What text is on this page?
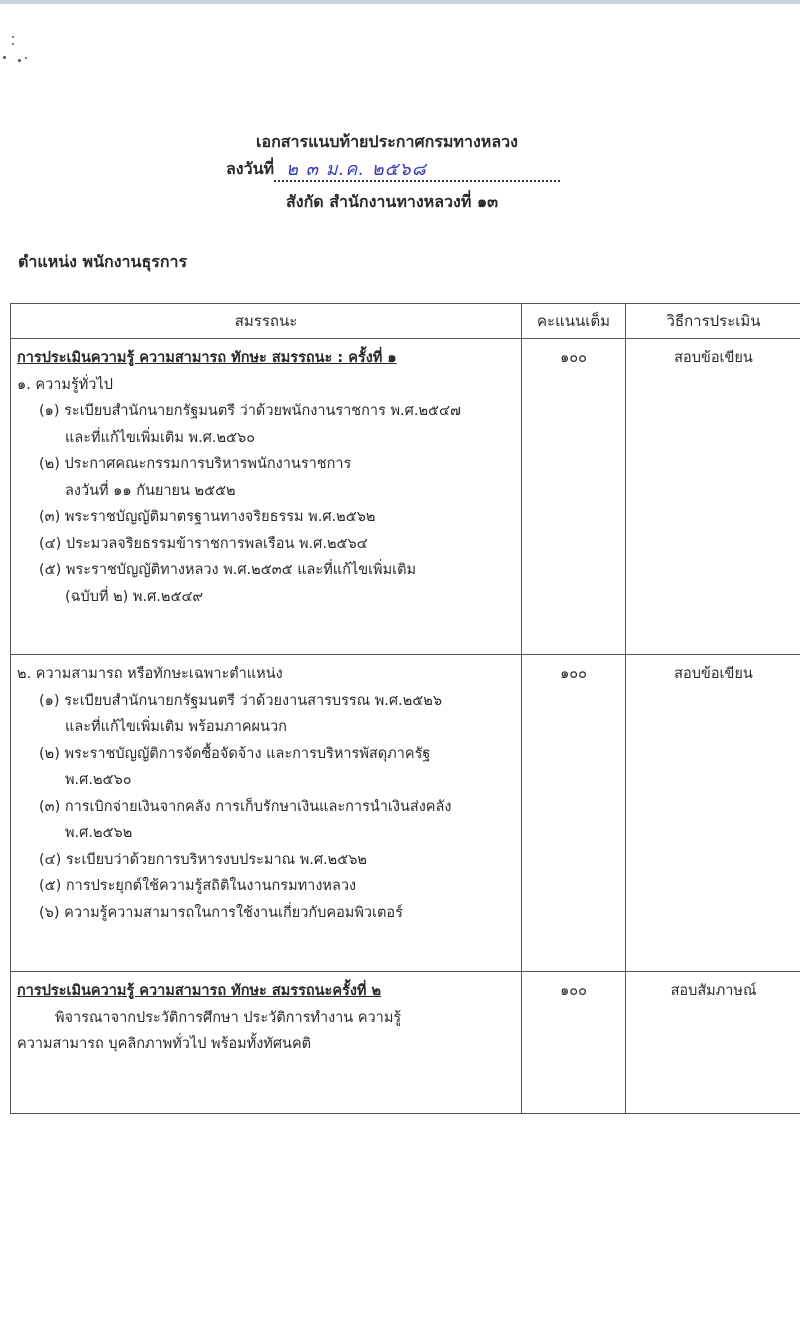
เอกสารแนบท้ายประกาศกรมทางหลวง
ลงวันที่ ๒ ๓ ม.ค. ๒๕๖๘
สังกัด สำนักงานทางหลวงที่ ๑๓
ตำแหน่ง พนักงานธุรการ
สมรรถนะ	คะแนนเต็ม	วิธีการประเมิน

การประเมินความรู้ ความสามารถ ทักษะ สมรรถนะ : ครั้งที่ ๑
๑. ความรู้ทั่วไป
(๑) ระเบียบสำนักนายกรัฐมนตรี ว่าด้วยพนักงานราชการ พ.ศ.๒๕๔๗
และที่แก้ไขเพิ่มเติม พ.ศ.๒๕๖๐
(๒) ประกาศคณะกรรมการบริหารพนักงานราชการ
ลงวันที่ ๑๑ กันยายน ๒๕๕๒
(๓) พระราชบัญญัติมาตรฐานทางจริยธรรม พ.ศ.๒๕๖๒
(๔) ประมวลจริยธรรมข้าราชการพลเรือน พ.ศ.๒๕๖๔
(๕) พระราชบัญญัติทางหลวง พ.ศ.๒๕๓๕ และที่แก้ไขเพิ่มเติม
(ฉบับที่ ๒) พ.ศ.๒๕๔๙
	๑๐๐	สอบข้อเขียน

๒. ความสามารถ หรือทักษะเฉพาะตำแหน่ง
(๑) ระเบียบสำนักนายกรัฐมนตรี ว่าด้วยงานสารบรรณ พ.ศ.๒๕๒๖
และที่แก้ไขเพิ่มเติม พร้อมภาคผนวก
(๒) พระราชบัญญัติการจัดซื้อจัดจ้าง และการบริหารพัสดุภาครัฐ
พ.ศ.๒๕๖๐
(๓) การเบิกจ่ายเงินจากคลัง การเก็บรักษาเงินและการนำเงินส่งคลัง
พ.ศ.๒๕๖๒
(๔) ระเบียบว่าด้วยการบริหารงบประมาณ พ.ศ.๒๕๖๒
(๕) การประยุกต์ใช้ความรู้สถิติในงานกรมทางหลวง
(๖) ความรู้ความสามารถในการใช้งานเกี่ยวกับคอมพิวเตอร์
	๑๐๐	สอบข้อเขียน

การประเมินความรู้ ความสามารถ ทักษะ สมรรถนะครั้งที่ ๒
พิจารณาจากประวัติการศึกษา ประวัติการทำงาน ความรู้
ความสามารถ บุคลิกภาพทั่วไป พร้อมทั้งทัศนคติ	๑๐๐	สอบสัมภาษณ์
